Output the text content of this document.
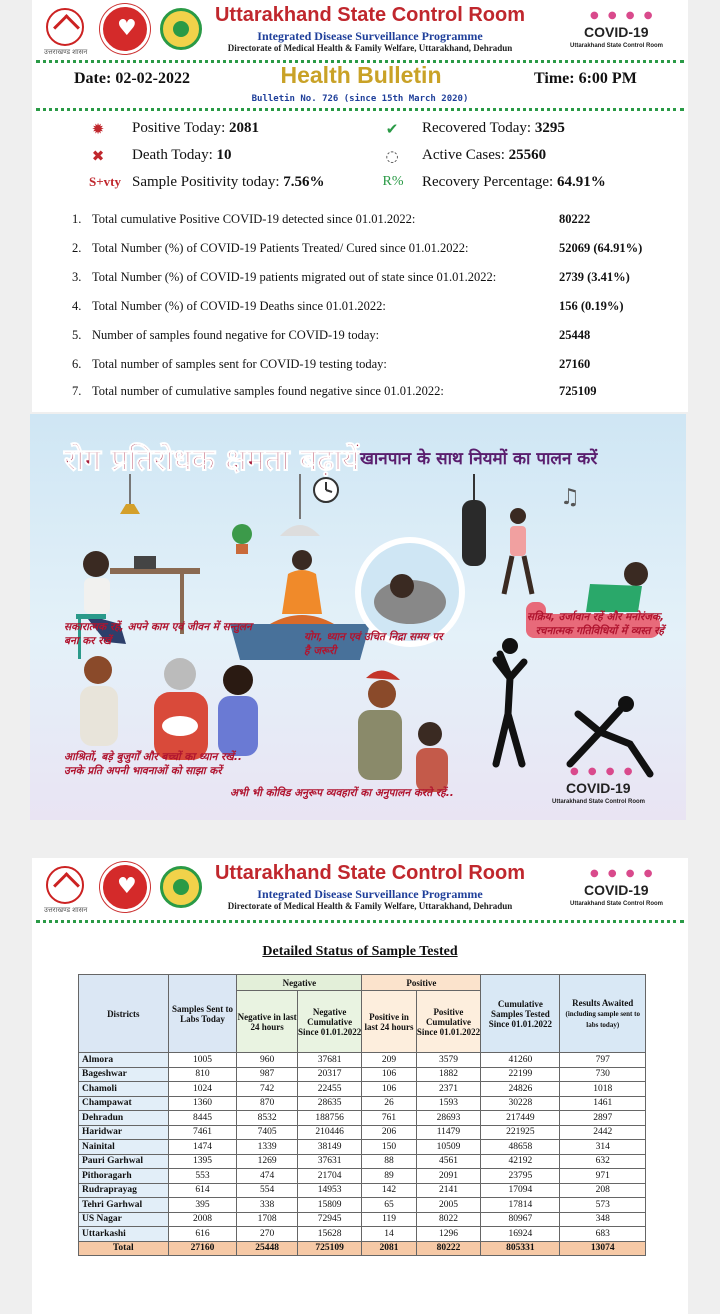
उत्तराखण्ड शासन
♥
Uttarakhand State Control Room
Integrated Disease Surveillance Programme
Directorate of Medical Health & Family Welfare, Uttarakhand, Dehradun
● ● ● ●
COVID-19
Uttarakhand State Control Room
Date: 02-02-2022	Health Bulletin	Time: 6:00 PM
Bulletin No. 726 (since 15th March 2020)
✹ Positive Today: 2081	✔ Recovered Today: 3295
✖ Death Today: 10	◌ Active Cases: 25560
S+vty Sample Positivity today: 7.56%	R%	Recovery Percentage: 64.91%
1. Total cumulative Positive COVID-19 detected since 01.01.2022:	80222
2. Total Number (%) of COVID-19 Patients Treated/ Cured since 01.01.2022:	52069 (64.91%)
3. Total Number (%) of COVID-19 patients migrated out of state since 01.01.2022:	2739 (3.41%)
4. Total Number (%) of COVID-19 Deaths since 01.01.2022:	156 (0.19%)
5. Number of samples found negative for COVID-19 today:	25448
6. Total number of samples sent for COVID-19 testing today:	27160
7. Total number of cumulative samples found negative since 01.01.2022:	725109
रोग प्रतिरोधक क्षमता बढ़ायें खानपान के साथ नियमों का पालन करें
♫
सकारात्मक रहें, अपने काम एवं जीवन में सन्तुलन बना कर रखें	योग, ध्यान एवं उचित निद्रा समय पर है जरूरी
सक्रिय, उर्जावान रहें और मनोरंजक, रचनात्मक गतिविधियों में व्यस्त रहें
आश्रितों, बड़े बुजुर्गों और बच्चों का ध्यान रखें.. उनके प्रति अपनी भावनाओं को साझा करें
अभी भी कोविड अनुरूप व्यवहारों का अनुपालन करते रहें..
● ● ● ●
COVID-19
Uttarakhand State Control Room
उत्तराखण्ड शासन
♥
Uttarakhand State Control Room
Integrated Disease Surveillance Programme
Directorate of Medical Health & Family Welfare, Uttarakhand, Dehradun
● ● ● ●
COVID-19
Uttarakhand State Control Room
Detailed Status of Sample Tested
Districts	Samples Sent to Labs Today	Negative		Positive		Cumulative Samples Tested Since 01.01.2022	Results Awaited
(including sample sent to labs today)
		Negative in last 24 hours	Negative Cumulative Since 01.01.2022	Positive in last 24 hours	Positive Cumulative Since 01.01.2022		
Almora	1005	960	37681	209	3579	41260	797
Bageshwar	810	987	20317	106	1882	22199	730
Chamoli	1024	742	22455	106	2371	24826	1018
Champawat	1360	870	28635	26	1593	30228	1461
Dehradun	8445	8532	188756	761	28693	217449	2897
Haridwar	7461	7405	210446	206	11479	221925	2442
Nainital	1474	1339	38149	150	10509	48658	314
Pauri Garhwal	1395	1269	37631	88	4561	42192	632
Pithoragarh	553	474	21704	89	2091	23795	971
Rudraprayag	614	554	14953	142	2141	17094	208
Tehri Garhwal	395	338	15809	65	2005	17814	573
US Nagar	2008	1708	72945	119	8022	80967	348
Uttarkashi	616	270	15628	14	1296	16924	683
Total	27160	25448	725109	2081	80222	805331	13074
